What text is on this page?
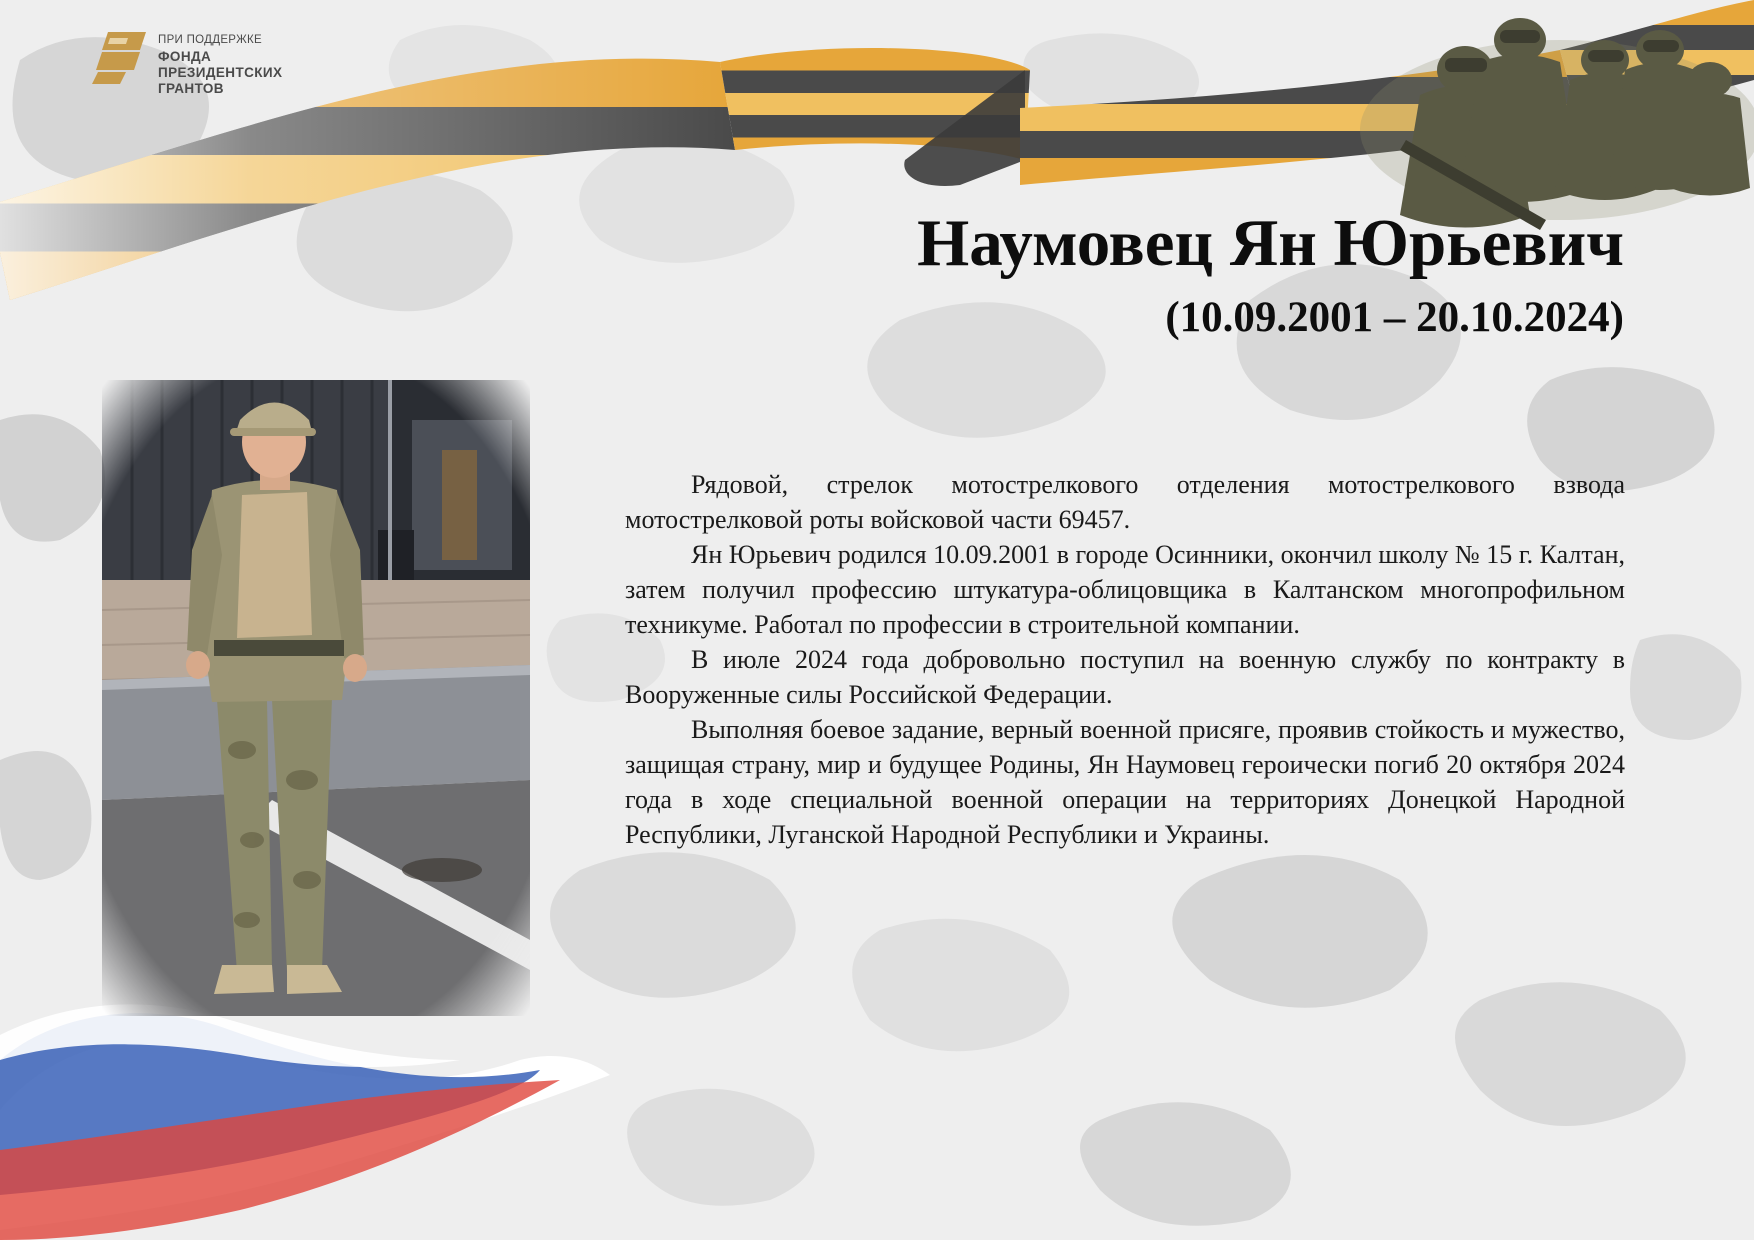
ПРИ ПОДДЕРЖКЕ
ФОНДА
ПРЕЗИДЕНТСКИХ
ГРАНТОВ
Наумовец Ян Юрьевич
(10.09.2001 – 20.10.2024)

Рядовой, стрелок мотострелкового отделения мотострелкового взвода мотострелковой роты войсковой части 69457.

Ян Юрьевич родился 10.09.2001 в городе Осинники, окончил школу № 15 г. Калтан, затем получил профессию штукатура-облицовщика в Калтанском многопрофильном техникуме. Работал по профессии в строительной компании.

В июле 2024 года добровольно поступил на военную службу по контракту в Вооруженные силы Российской Федерации.

Выполняя боевое задание, верный военной присяге, проявив стойкость и мужество, защищая страну, мир и будущее Родины, Ян Наумовец героически погиб 20 октября 2024 года в ходе специальной военной операции на территориях Донецкой Народной Республики, Луганской Народной Республики и Украины.
